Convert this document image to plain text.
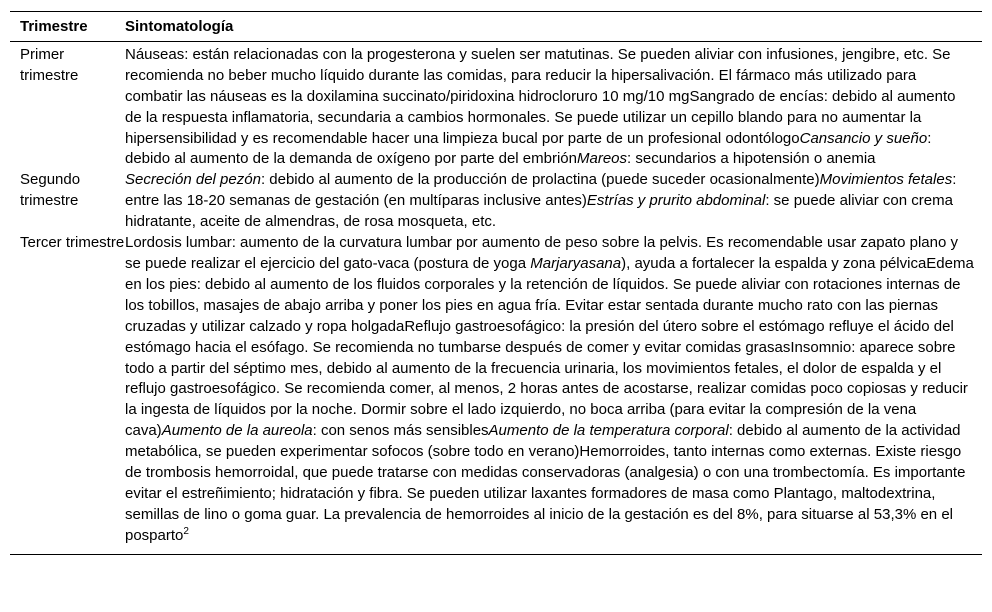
Trimestre	Sintomatología
Primer trimestre	Náuseas: están relacionadas con la progesterona y suelen ser matutinas. Se pueden aliviar con infusiones, jengibre, etc. Se recomienda no beber mucho líquido durante las comidas, para reducir la hipersalivación. El fármaco más utilizado para combatir las náuseas es la doxilamina succinato/piridoxina hidrocloruro 10 mg/10 mgSangrado de encías: debido al aumento de la respuesta inflamatoria, secundaria a cambios hormonales. Se puede utilizar un cepillo blando para no aumentar la hipersensibilidad y es recomendable hacer una limpieza bucal por parte de un profesional odontólogoCansancio y sueño: debido al aumento de la demanda de oxígeno por parte del embriónMareos: secundarios a hipotensión o anemia
Segundo trimestre	Secreción del pezón: debido al aumento de la producción de prolactina (puede suceder ocasionalmente)Movimientos fetales: entre las 18-20 semanas de gestación (en multíparas inclusive antes)Estrías y prurito abdominal: se puede aliviar con crema hidratante, aceite de almendras, de rosa mosqueta, etc.
Tercer trimestre	Lordosis lumbar: aumento de la curvatura lumbar por aumento de peso sobre la pelvis. Es recomendable usar zapato plano y se puede realizar el ejercicio del gato-vaca (postura de yoga Marjaryasana), ayuda a fortalecer la espalda y zona pélvicaEdema en los pies: debido al aumento de los fluidos corporales y la retención de líquidos. Se puede aliviar con rotaciones internas de los tobillos, masajes de abajo arriba y poner los pies en agua fría. Evitar estar sentada durante mucho rato con las piernas cruzadas y utilizar calzado y ropa holgadaReflujo gastroesofágico: la presión del útero sobre el estómago refluye el ácido del estómago hacia el esófago. Se recomienda no tumbarse después de comer y evitar comidas grasasInsomnio: aparece sobre todo a partir del séptimo mes, debido al aumento de la frecuencia urinaria, los movimientos fetales, el dolor de espalda y el reflujo gastroesofágico. Se recomienda comer, al menos, 2 horas antes de acostarse, realizar comidas poco copiosas y reducir la ingesta de líquidos por la noche. Dormir sobre el lado izquierdo, no boca arriba (para evitar la compresión de la vena cava)Aumento de la aureola: con senos más sensiblesAumento de la temperatura corporal: debido al aumento de la actividad metabólica, se pueden experimentar sofocos (sobre todo en verano)Hemorroides, tanto internas como externas. Existe riesgo de trombosis hemorroidal, que puede tratarse con medidas conservadoras (analgesia) o con una trombectomía. Es importante evitar el estreñimiento; hidratación y fibra. Se pueden utilizar laxantes formadores de masa como Plantago, maltodextrina, semillas de lino o goma guar. La prevalencia de hemorroides al inicio de la gestación es del 8%, para situarse al 53,3% en el posparto$^2$
